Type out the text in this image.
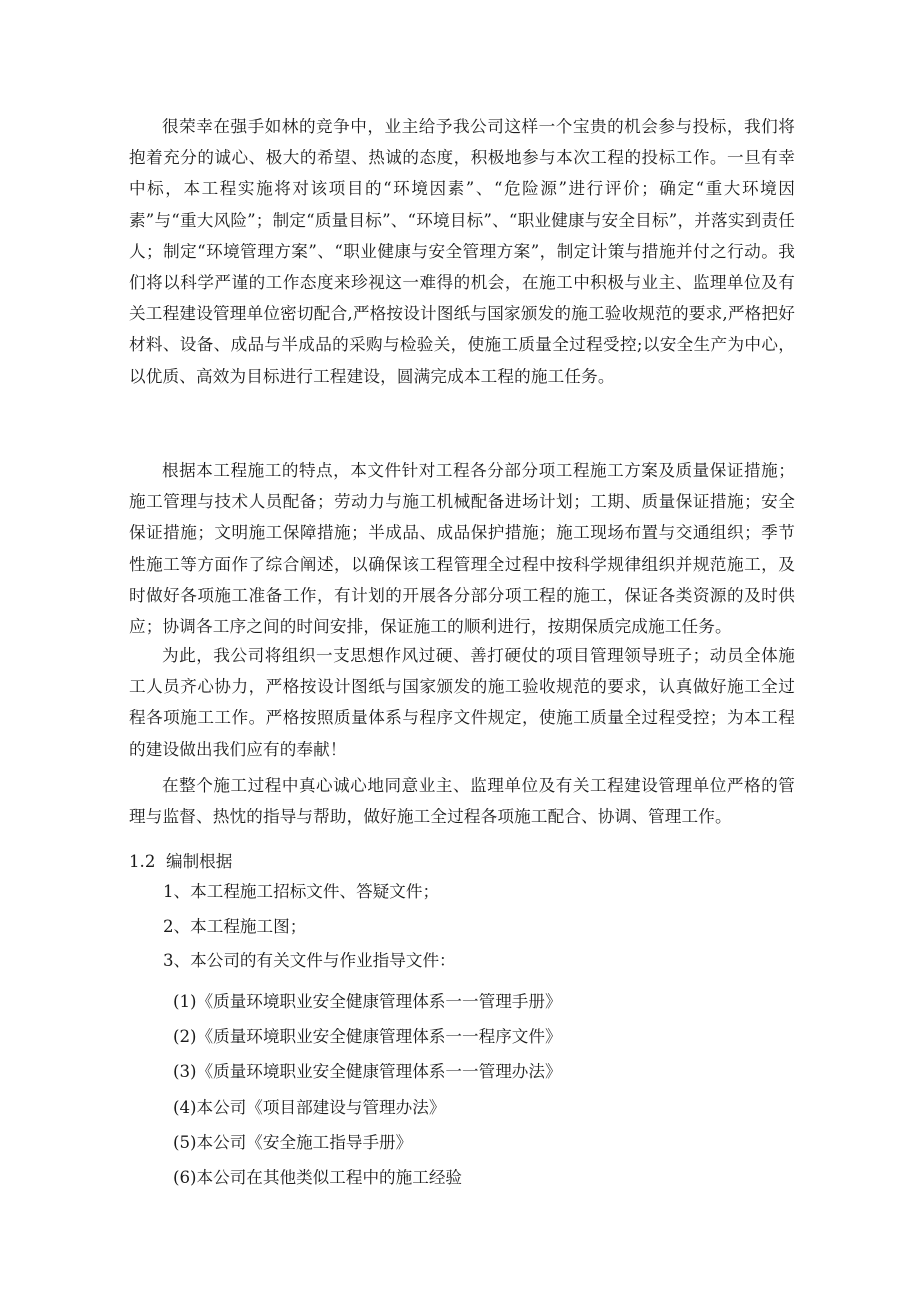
很荣幸在强手如林的竞争中，业主给予我公司这样一个宝贵的机会参与投标，我们将抱着充分的诚心、极大的希望、热诚的态度，积极地参与本次工程的投标工作。一旦有幸中标，本工程实施将对该项目的“环境因素”、“危险源”进行评价；确定“重大环境因素”与“重大风险”；制定“质量目标”、“环境目标”、“职业健康与安全目标”，并落实到责任人；制定“环境管理方案”、“职业健康与安全管理方案”，制定计策与措施并付之行动。我们将以科学严谨的工作态度来珍视这一难得的机会，在施工中积极与业主、监理单位及有关工程建设管理单位密切配合,严格按设计图纸与国家颁发的施工验收规范的要求,严格把好材料、设备、成品与半成品的采购与检验关，使施工质量全过程受控;以安全生产为中心，以优质、高效为目标进行工程建设，圆满完成本工程的施工任务。

根据本工程施工的特点，本文件针对工程各分部分项工程施工方案及质量保证措施；施工管理与技术人员配备；劳动力与施工机械配备进场计划；工期、质量保证措施；安全保证措施；文明施工保障措施；半成品、成品保护措施；施工现场布置与交通组织；季节性施工等方面作了综合阐述，以确保该工程管理全过程中按科学规律组织并规范施工，及时做好各项施工准备工作，有计划的开展各分部分项工程的施工，保证各类资源的及时供应；协调各工序之间的时间安排，保证施工的顺利进行，按期保质完成施工任务。

为此，我公司将组织一支思想作风过硬、善打硬仗的项目管理领导班子；动员全体施工人员齐心协力，严格按设计图纸与国家颁发的施工验收规范的要求，认真做好施工全过程各项施工工作。严格按照质量体系与程序文件规定，使施工质量全过程受控；为本工程的建设做出我们应有的奉献！

在整个施工过程中真心诚心地同意业主、监理单位及有关工程建设管理单位严格的管理与监督、热忱的指导与帮助，做好施工全过程各项施工配合、协调、管理工作。

1.2 编制根据
1、本工程施工招标文件、答疑文件；
2、本工程施工图；
3、本公司的有关文件与作业指导文件：
(1)《质量环境职业安全健康管理体系一一管理手册》
(2)《质量环境职业安全健康管理体系一一程序文件》
(3)《质量环境职业安全健康管理体系一一管理办法》
(4)本公司《项目部建设与管理办法》
(5)本公司《安全施工指导手册》
(6)本公司在其他类似工程中的施工经验
